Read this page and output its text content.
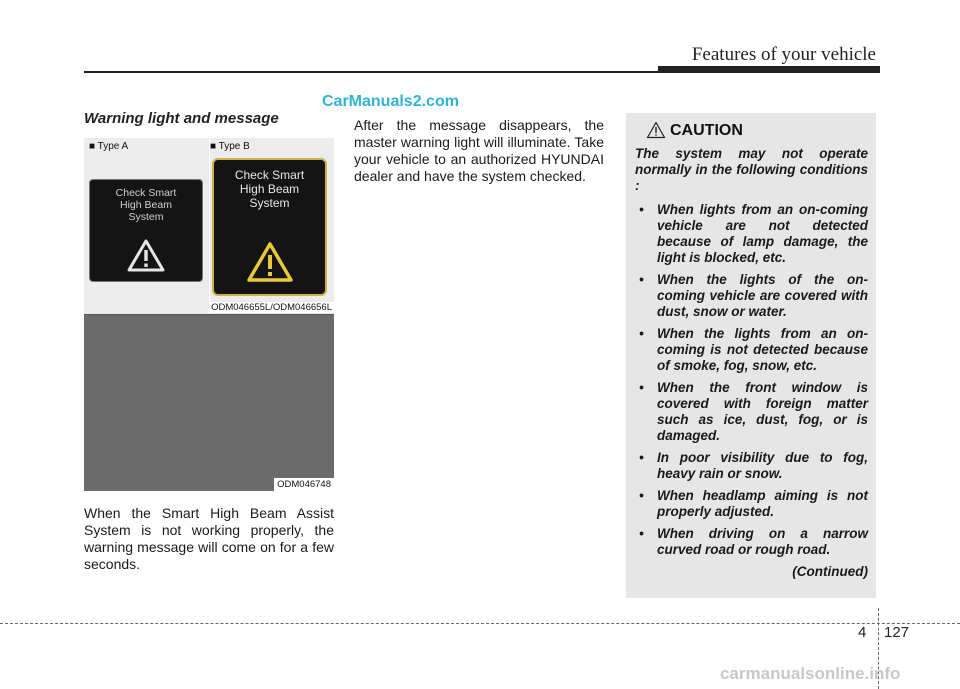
Features of your vehicle
CarManuals2.com
Warning light and message
■ Type A	■ Type B
Check Smart
High Beam
System
Check Smart
High Beam
System
ODM046655L/ODM046656L
ODM046748
When the Smart High Beam Assist System is not working properly, the warning message will come on for a few seconds.
After the message disappears, the master warning light will illuminate. Take your vehicle to an authorized HYUNDAI dealer and have the system checked.
CAUTION
The system may not operate normally in the following conditions :
• When lights from an on-coming vehicle are not detected because of lamp damage, the light is blocked, etc.
• When the lights of the on-coming vehicle are covered with dust, snow or water.
• When the lights from an on-coming is not detected because of smoke, fog, snow, etc.
• When the front window is covered with foreign matter such as ice, dust, fog, or is damaged.
• In poor visibility due to fog, heavy rain or snow.
• When headlamp aiming is not properly adjusted.
• When driving on a narrow curved road or rough road.
(Continued)
4 127
carmanualsonline.info
